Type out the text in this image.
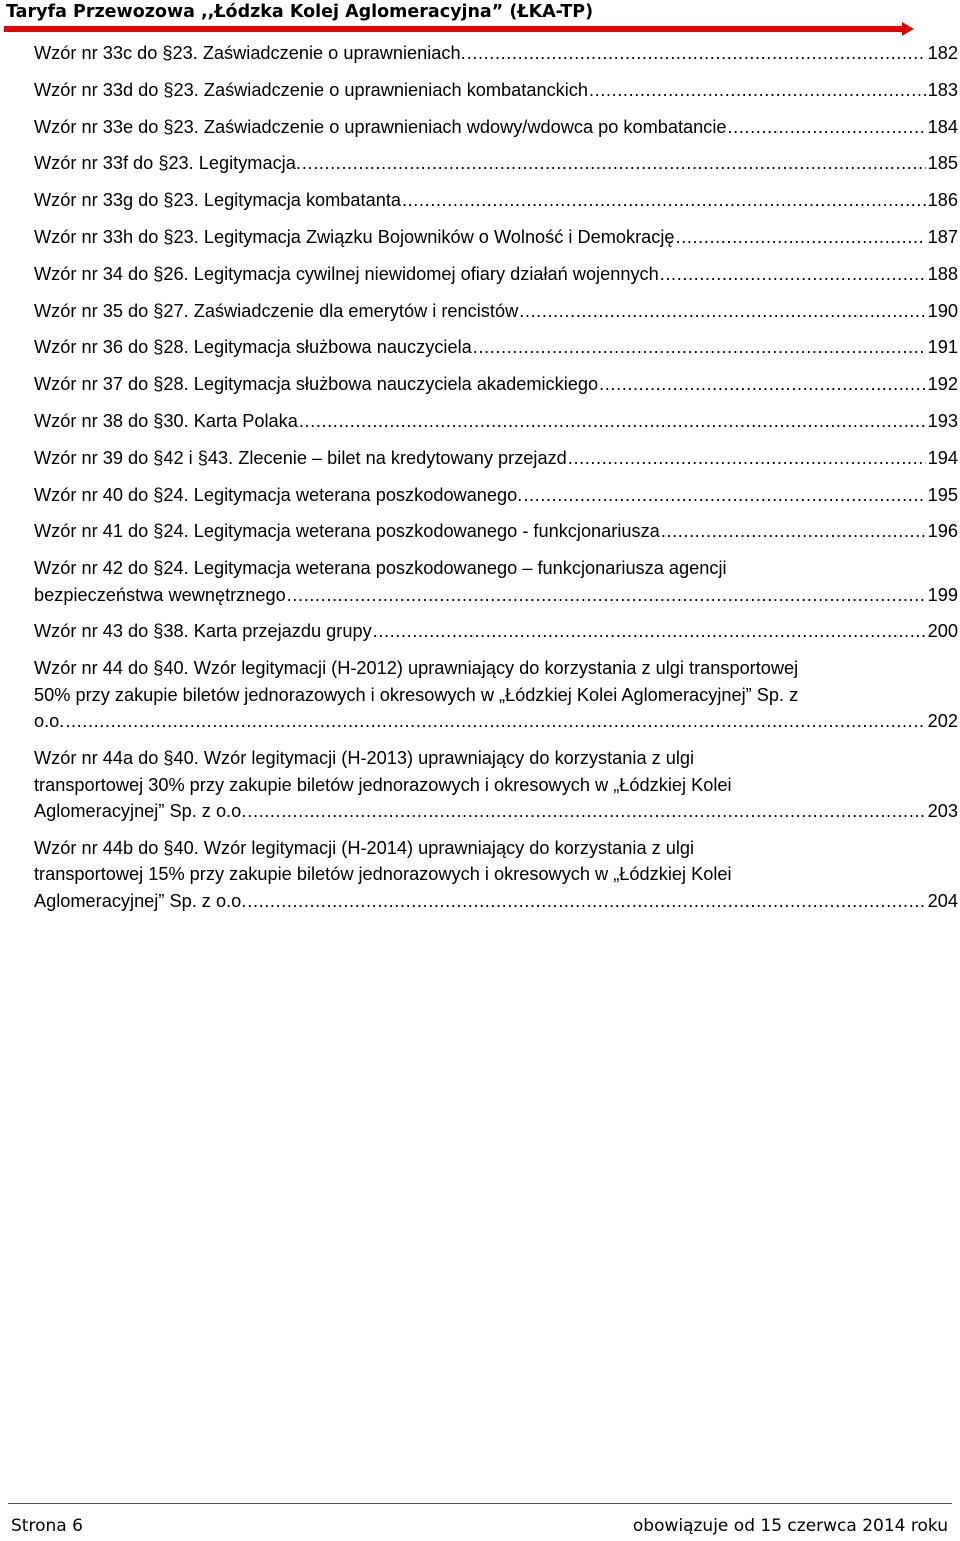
Taryfa Przewozowa ,,Łódzka Kolej Aglomeracyjna” (ŁKA-TP)
Wzór nr 33c do §23. Zaświadczenie o uprawnieniach. .....	182
Wzór nr 33d do §23. Zaświadczenie o uprawnieniach kombatanckich .....	183
Wzór nr 33e do §23. Zaświadczenie o uprawnieniach wdowy/wdowca po kombatancie .....	184
Wzór nr 33f do §23. Legitymacja. .....	185
Wzór nr 33g do §23. Legitymacja kombatanta .....	186
Wzór nr 33h do §23. Legitymacja Związku Bojowników o Wolność i Demokrację .....	187
Wzór nr 34 do §26. Legitymacja cywilnej niewidomej ofiary działań wojennych .....	188
Wzór nr 35 do §27. Zaświadczenie dla emerytów i rencistów .....	190
Wzór nr 36 do §28. Legitymacja służbowa nauczyciela .....	191
Wzór nr 37 do §28. Legitymacja służbowa nauczyciela akademickiego .....	192
Wzór nr 38 do §30. Karta Polaka .....	193
Wzór nr 39 do §42 i §43. Zlecenie – bilet na kredytowany przejazd .....	194
Wzór nr 40 do §24. Legitymacja weterana poszkodowanego. .....	195
Wzór nr 41 do §24. Legitymacja weterana poszkodowanego - funkcjonariusza .....	196
Wzór nr 42 do §24. Legitymacja weterana poszkodowanego – funkcjonariusza agencji
bezpieczeństwa wewnętrznego .....	199
Wzór nr 43 do §38. Karta przejazdu grupy .....	200
Wzór nr 44 do §40. Wzór legitymacji (H-2012) uprawniający do korzystania z ulgi transportowej
50% przy zakupie biletów jednorazowych i okresowych w „Łódzkiej Kolei Aglomeracyjnej” Sp. z
o.o. .....	202
Wzór nr 44a do §40. Wzór legitymacji (H-2013) uprawniający do korzystania z ulgi
transportowej 30% przy zakupie biletów jednorazowych i okresowych w „Łódzkiej Kolei
Aglomeracyjnej” Sp. z o.o. .....	203
Wzór nr 44b do §40. Wzór legitymacji (H-2014) uprawniający do korzystania z ulgi
transportowej 15% przy zakupie biletów jednorazowych i okresowych w „Łódzkiej Kolei
Aglomeracyjnej” Sp. z o.o. .....	204
Strona 6	obowiązuje od 15 czerwca 2014 roku
